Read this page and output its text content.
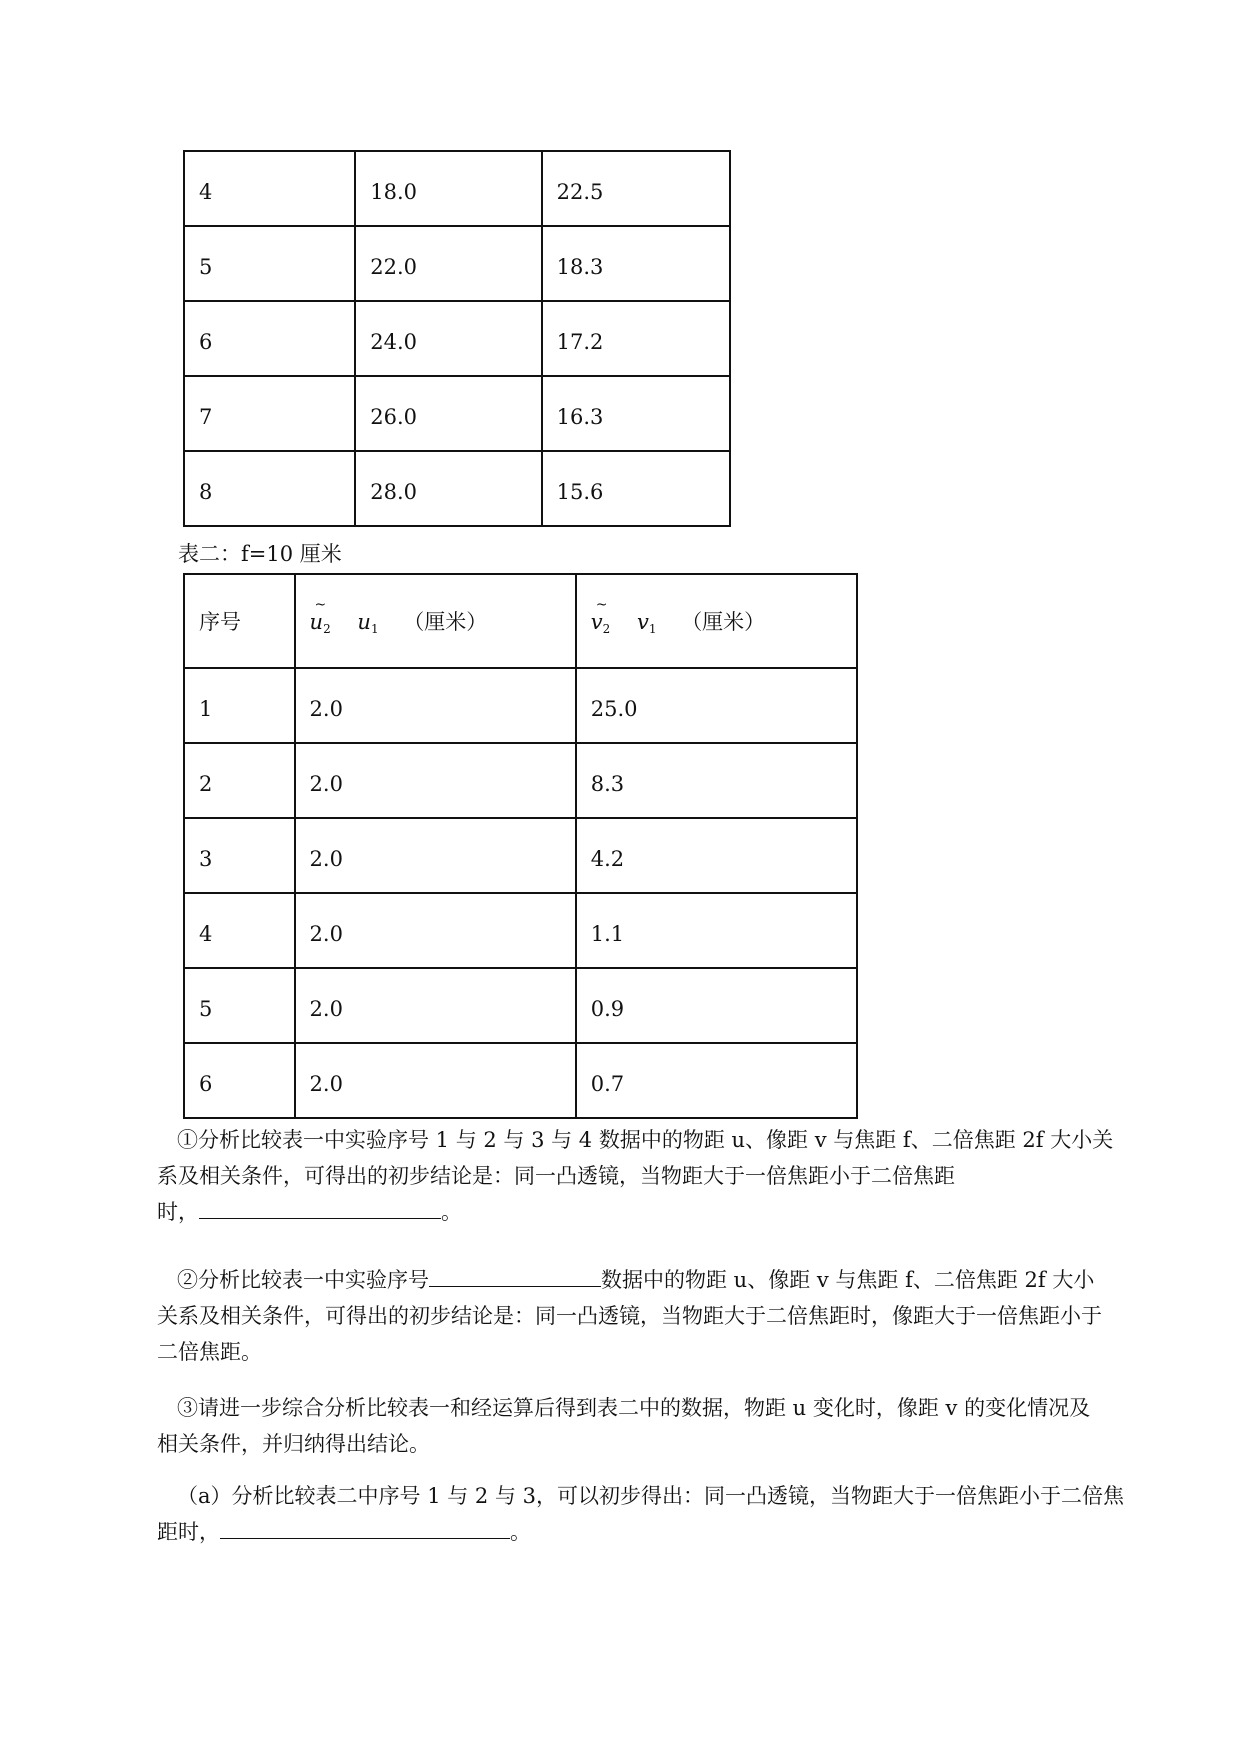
4	18.0	22.5
5	22.0	18.3
6	24.0	17.2
7	26.0	16.3
8	28.0	15.6
表二：f=10 厘米
序号	~ $u_2$ $u_1$ （厘米）	~ $v_2$ $v_1$ （厘米）
1	2.0	25.0
2	2.0	8.3
3	2.0	4.2
4	2.0	1.1
5	2.0	0.9
6	2.0	0.7
①分析比较表一中实验序号 1 与 2 与 3 与 4 数据中的物距 u、像距 v 与焦距 f、二倍焦距 2f 大小关
系及相关条件，可得出的初步结论是：同一凸透镜，当物距大于一倍焦距小于二倍焦距
时，	。
②分析比较表一中实验序号	数据中的物距 u、像距 v 与焦距 f、二倍焦距 2f 大小
关系及相关条件，可得出的初步结论是：同一凸透镜，当物距大于二倍焦距时，像距大于一倍焦距小于
二倍焦距。
③请进一步综合分析比较表一和经运算后得到表二中的数据，物距 u 变化时，像距 v 的变化情况及
相关条件，并归纳得出结论。
（a）分析比较表二中序号 1 与 2 与 3，可以初步得出：同一凸透镜，当物距大于一倍焦距小于二倍焦
距时，	。
